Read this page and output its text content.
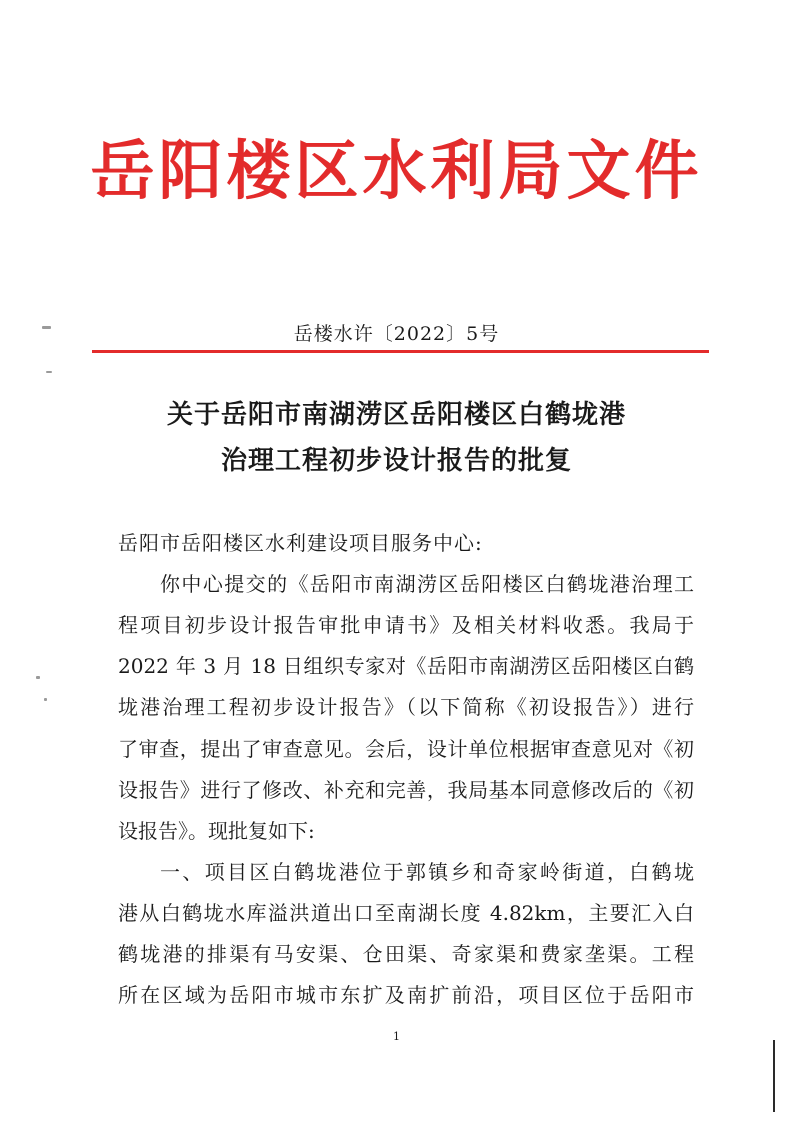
岳阳楼区水利局文件
岳楼水许〔2022〕5号
关于岳阳市南湖涝区岳阳楼区白鹤垅港
治理工程初步设计报告的批复
岳阳市岳阳楼区水利建设项目服务中心:
你中心提交的《岳阳市南湖涝区岳阳楼区白鹤垅港治理工
程项目初步设计报告审批申请书》及相关材料收悉。我局于
2022 年 3 月 18 日组织专家对《岳阳市南湖涝区岳阳楼区白鹤
垅港治理工程初步设计报告》（以下简称《初设报告》）进行
了审查，提出了审查意见。会后，设计单位根据审查意见对《初
设报告》进行了修改、补充和完善，我局基本同意修改后的《初
设报告》。现批复如下:
一、项目区白鹤垅港位于郭镇乡和奇家岭街道，白鹤垅
港从白鹤垅水库溢洪道出口至南湖长度 4.82km，主要汇入白
鹤垅港的排渠有马安渠、仓田渠、奇家渠和费家垄渠。工程
所在区域为岳阳市城市东扩及南扩前沿，项目区位于岳阳市
1
